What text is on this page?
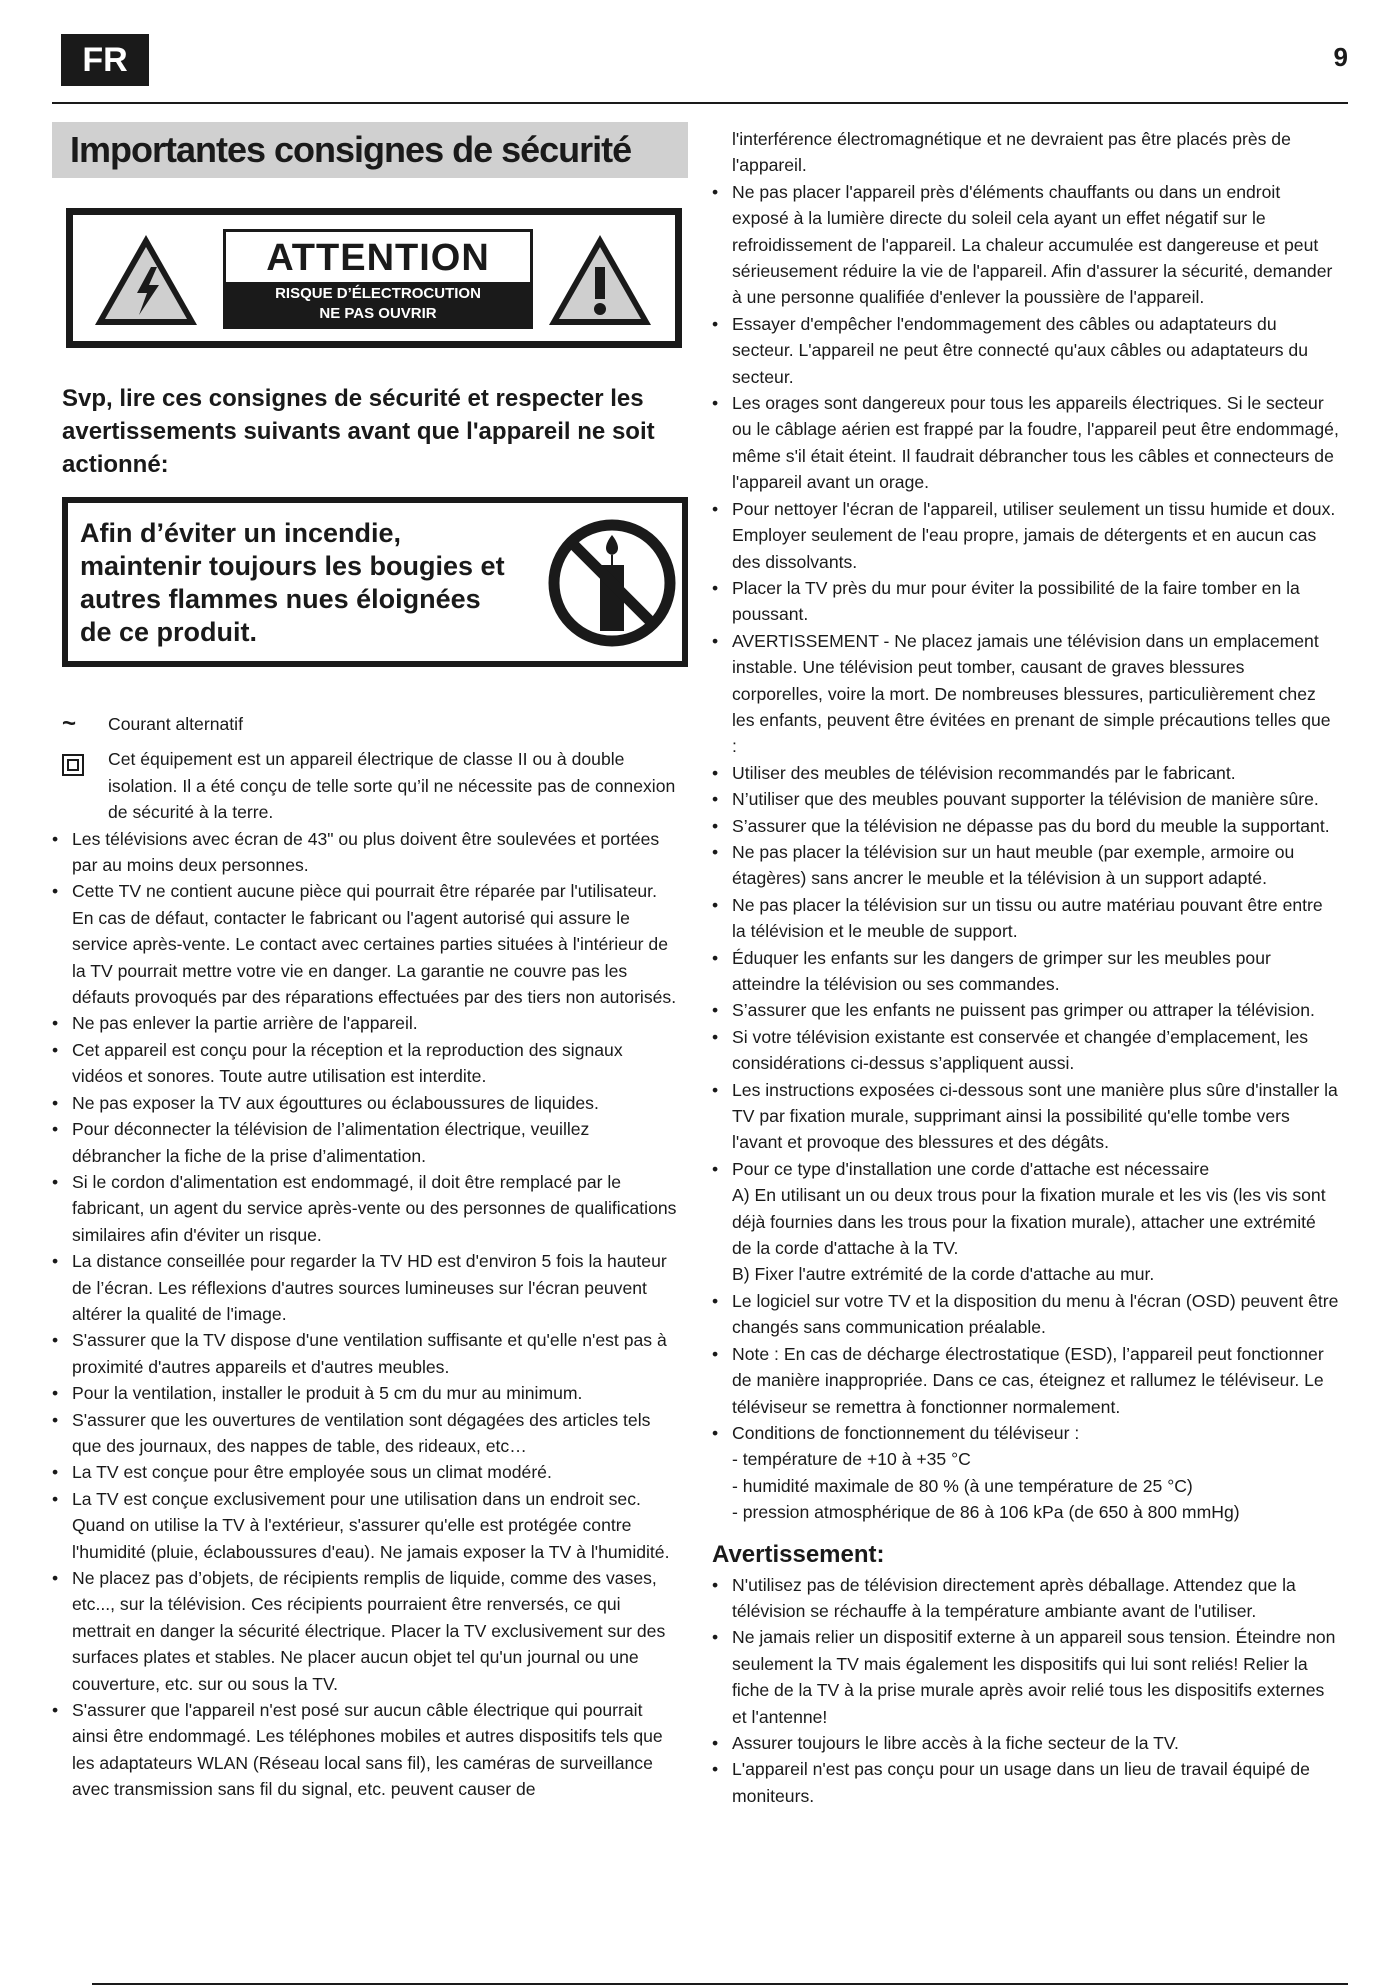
FR	9
Importantes consignes de sécurité
ATTENTION
RISQUE D’ÉLECTROCUTION
NE PAS OUVRIR
Svp, lire ces consignes de sécurité et respecter les avertissements suivants avant que l'appareil ne soit actionné:
Afin d’éviter un incendie, maintenir toujours les bougies et autres flammes nues éloignées de ce produit.
~	Courant alternatif
Cet équipement est un appareil électrique de classe II ou à double isolation. Il a été conçu de telle sorte qu’il ne nécessite pas de connexion de sécurité à la terre.
• Les télévisions avec écran de 43" ou plus doivent être soulevées et portées par au moins deux personnes.
• Cette TV ne contient aucune pièce qui pourrait être réparée par l'utilisateur. En cas de défaut, contacter le fabricant ou l'agent autorisé qui assure le service après-vente. Le contact avec certaines parties situées à l'intérieur de la TV pourrait mettre votre vie en danger. La garantie ne couvre pas les défauts provoqués par des réparations effectuées par des tiers non autorisés.
• Ne pas enlever la partie arrière de l'appareil.
• Cet appareil est conçu pour la réception et la reproduction des signaux vidéos et sonores. Toute autre utilisation est interdite.
• Ne pas exposer la TV aux égouttures ou éclaboussures de liquides.
• Pour déconnecter la télévision de l’alimentation électrique, veuillez débrancher la fiche de la prise d’alimentation.
• Si le cordon d'alimentation est endommagé, il doit être remplacé par le fabricant, un agent du service après-vente ou des personnes de qualifications similaires afin d'éviter un risque.
• La distance conseillée pour regarder la TV HD est d'environ 5 fois la hauteur de l’écran. Les réflexions d'autres sources lumineuses sur l'écran peuvent altérer la qualité de l'image.
• S'assurer que la TV dispose d'une ventilation suffisante et qu'elle n'est pas à proximité d'autres appareils et d'autres meubles.
• Pour la ventilation, installer le produit à 5 cm du mur au minimum.
• S'assurer que les ouvertures de ventilation sont dégagées des articles tels que des journaux, des nappes de table, des rideaux, etc…
• La TV est conçue pour être employée sous un climat modéré.
• La TV est conçue exclusivement pour une utilisation dans un endroit sec. Quand on utilise la TV à l'extérieur, s'assurer qu'elle est protégée contre l'humidité (pluie, éclaboussures d'eau). Ne jamais exposer la TV à l'humidité.
• Ne placez pas d’objets, de récipients remplis de liquide, comme des vases, etc..., sur la télévision. Ces récipients pourraient être renversés, ce qui mettrait en danger la sécurité électrique. Placer la TV exclusivement sur des surfaces plates et stables. Ne placer aucun objet tel qu'un journal ou une couverture, etc. sur ou sous la TV.
• S'assurer que l'appareil n'est posé sur aucun câble électrique qui pourrait ainsi être endommagé. Les téléphones mobiles et autres dispositifs tels que les adaptateurs WLAN (Réseau local sans fil), les caméras de surveillance avec transmission sans fil du signal, etc. peuvent causer de
l'interférence électromagnétique et ne devraient pas être placés près de l'appareil.
• Ne pas placer l'appareil près d'éléments chauffants ou dans un endroit exposé à la lumière directe du soleil cela ayant un effet négatif sur le refroidissement de l'appareil. La chaleur accumulée est dangereuse et peut sérieusement réduire la vie de l'appareil. Afin d'assurer la sécurité, demander à une personne qualifiée d'enlever la poussière de l'appareil.
• Essayer d'empêcher l'endommagement des câbles ou adaptateurs du secteur. L'appareil ne peut être connecté qu'aux câbles ou adaptateurs du secteur.
• Les orages sont dangereux pour tous les appareils électriques. Si le secteur ou le câblage aérien est frappé par la foudre, l'appareil peut être endommagé, même s'il était éteint. Il faudrait débrancher tous les câbles et connecteurs de l'appareil avant un orage.
• Pour nettoyer l'écran de l'appareil, utiliser seulement un tissu humide et doux. Employer seulement de l'eau propre, jamais de détergents et en aucun cas des dissolvants.
• Placer la TV près du mur pour éviter la possibilité de la faire tomber en la poussant.
• AVERTISSEMENT - Ne placez jamais une télévision dans un emplacement instable. Une télévision peut tomber, causant de graves blessures corporelles, voire la mort. De nombreuses blessures, particulièrement chez les enfants, peuvent être évitées en prenant de simple précautions telles que :
• Utiliser des meubles de télévision recommandés par le fabricant.
• N’utiliser que des meubles pouvant supporter la télévision de manière sûre.
• S’assurer que la télévision ne dépasse pas du bord du meuble la supportant.
• Ne pas placer la télévision sur un haut meuble (par exemple, armoire ou étagères) sans ancrer le meuble et la télévision à un support adapté.
• Ne pas placer la télévision sur un tissu ou autre matériau pouvant être entre la télévision et le meuble de support.
• Éduquer les enfants sur les dangers de grimper sur les meubles pour atteindre la télévision ou ses commandes.
• S’assurer que les enfants ne puissent pas grimper ou attraper la télévision.
• Si votre télévision existante est conservée et changée d’emplacement, les considérations ci-dessus s’appliquent aussi.
• Les instructions exposées ci-dessous sont une manière plus sûre d'installer la TV par fixation murale, supprimant ainsi la possibilité qu'elle tombe vers l'avant et provoque des blessures et des dégâts.
• Pour ce type d'installation une corde d'attache est nécessaire
A) En utilisant un ou deux trous pour la fixation murale et les vis (les vis sont déjà fournies dans les trous pour la fixation murale), attacher une extrémité de la corde d'attache à la TV.
B) Fixer l'autre extrémité de la corde d'attache au mur.
• Le logiciel sur votre TV et la disposition du menu à l'écran (OSD) peuvent être changés sans communication préalable.
• Note : En cas de décharge électrostatique (ESD), l’appareil peut fonctionner de manière inappropriée. Dans ce cas, éteignez et rallumez le téléviseur. Le téléviseur se remettra à fonctionner normalement.
• Conditions de fonctionnement du téléviseur :
- température de +10 à +35 °C
- humidité maximale de 80 % (à une température de 25 °C)
- pression atmosphérique de 86 à 106 kPa (de 650 à 800 mmHg)
Avertissement:
• N'utilisez pas de télévision directement après déballage. Attendez que la télévision se réchauffe à la température ambiante avant de l'utiliser.
• Ne jamais relier un dispositif externe à un appareil sous tension. Éteindre non seulement la TV mais également les dispositifs qui lui sont reliés! Relier la fiche de la TV à la prise murale après avoir relié tous les dispositifs externes et l'antenne!
• Assurer toujours le libre accès à la fiche secteur de la TV.
• L'appareil n'est pas conçu pour un usage dans un lieu de travail équipé de moniteurs.
